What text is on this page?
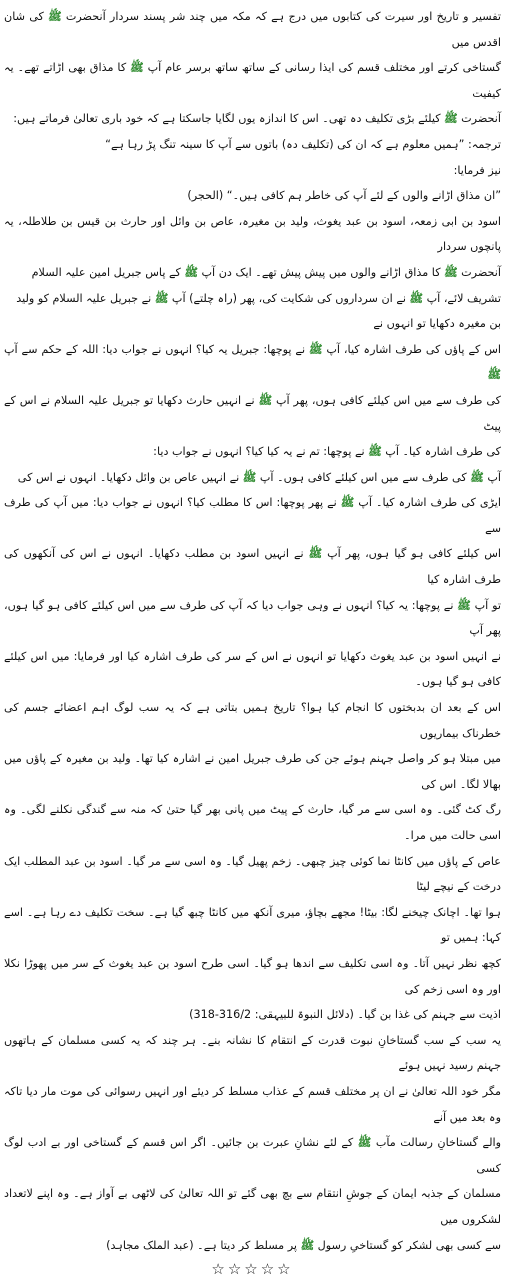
تفسیر و تاریخ اور سیرت کی کتابوں میں درج ہے کہ مکہ میں چند شر پسند سردار آنحضرت ﷺ کی شان اقدس میں
گستاخی کرتے اور مختلف قسم کی ایذا رسانی کے ساتھ ساتھ برسر عام آپ ﷺ کا مذاق بھی اڑاتے تھے۔ یہ کیفیت
آنحضرت ﷺ کیلئے بڑی تکلیف دہ تھی۔ اس کا اندازہ یوں لگایا جاسکتا ہے کہ خود باری تعالیٰ فرماتے ہیں:
ترجمہ: ”ہمیں معلوم ہے کہ ان کی (تکلیف دہ) باتوں سے آپ کا سینہ تنگ پڑ رہا ہے“
نیز فرمایا:
”ان مذاق اڑانے والوں کے لئے آپ کی خاطر ہم کافی ہیں۔“ (الحجر)
اسود بن ابی زمعہ، اسود بن عبد یغوث، ولید بن مغیرہ، عاص بن وائل اور حارث بن قیس بن طلاطلہ، یہ پانچوں سردار
آنحضرت ﷺ کا مذاق اڑانے والوں میں پیش پیش تھے۔ ایک دن آپ ﷺ کے پاس جبریل امین علیہ السلام
تشریف لائے، آپ ﷺ نے ان سرداروں کی شکایت کی، پھر (راہ چلتے) آپ ﷺ نے جبریل علیہ السلام کو ولید
بن مغیرہ دکھایا تو انہوں نے
اس کے پاؤں کی طرف اشارہ کیا، آپ ﷺ نے پوچھا: جبریل یہ کیا؟ انہوں نے جواب دیا: اللہ کے حکم سے آپ ﷺ
کی طرف سے میں اس کیلئے کافی ہوں، پھر آپ ﷺ نے انہیں حارث دکھایا تو جبریل علیہ السلام نے اس کے پیٹ
کی طرف اشارہ کیا۔ آپ ﷺ نے پوچھا: تم نے یہ کیا کیا؟ انہوں نے جواب دیا:
آپ ﷺ کی طرف سے میں اس کیلئے کافی ہوں۔ آپ ﷺ نے انہیں عاص بن وائل دکھایا۔ انہوں نے اس کی
ایڑی کی طرف اشارہ کیا۔ آپ ﷺ نے پھر پوچھا: اس کا مطلب کیا؟ انہوں نے جواب دیا: میں آپ کی طرف سے
اس کیلئے کافی ہو گیا ہوں، پھر آپ ﷺ نے انہیں اسود بن مطلب دکھایا۔ انہوں نے اس کی آنکھوں کی طرف اشارہ کیا
تو آپ ﷺ نے پوچھا: یہ کیا؟ انہوں نے وہی جواب دیا کہ آپ کی طرف سے میں اس کیلئے کافی ہو گیا ہوں، پھر آپ
نے انہیں اسود بن عبد یغوث دکھایا تو انہوں نے اس کے سر کی طرف اشارہ کیا اور فرمایا: میں اس کیلئے کافی ہو گیا ہوں۔
اس کے بعد ان بدبختوں کا انجام کیا ہوا؟ تاریخ ہمیں بتاتی ہے کہ یہ سب لوگ اہم اعضائے جسم کی خطرناک بیماریوں
میں مبتلا ہو کر واصل جہنم ہوئے جن کی طرف جبریل امین نے اشارہ کیا تھا۔ ولید بن مغیرہ کے پاؤں میں بھالا لگا۔ اس کی
رگ کٹ گئی۔ وہ اسی سے مر گیا، حارث کے پیٹ میں پانی بھر گیا حتیٰ کہ منہ سے گندگی نکلنے لگی۔ وہ اسی حالت میں مرا۔
عاص کے پاؤں میں کانٹا نما کوئی چیز چبھی۔ زخم پھیل گیا۔ وہ اسی سے مر گیا۔ اسود بن عبد المطلب ایک درخت کے نیچے لیٹا
ہوا تھا۔ اچانک چیخنے لگا: بیٹا! مجھے بچاؤ، میری آنکھ میں کانٹا چبھ گیا ہے۔ سخت تکلیف دے رہا ہے۔ اسے کہا: ہمیں تو
کچھ نظر نہیں آتا۔ وہ اسی تکلیف سے اندھا ہو گیا۔ اسی طرح اسود بن عبد یغوث کے سر میں پھوڑا نکلا اور وہ اسی زخم کی
اذیت سے جہنم کی غذا بن گیا۔ (دلائل النبوۃ للبیہقی: 316/2-318)
یہ سب کے سب گستاخانِ نبوت قدرت کے انتقام کا نشانہ بنے۔ ہر چند کہ یہ کسی مسلمان کے ہاتھوں جہنم رسید نہیں ہوئے
مگر خود اللہ تعالیٰ نے ان پر مختلف قسم کے عذاب مسلط کر دیئے اور انہیں رسوائی کی موت مار دیا تاکہ وہ بعد میں آنے
والے گستاخانِ رسالت مآب ﷺ کے لئے نشانِ عبرت بن جائیں۔ اگر اس قسم کے گستاخی اور بے ادب لوگ کسی
مسلمان کے جذبہ ایمان کے جوشِ انتقام سے بچ بھی گئے تو اللہ تعالیٰ کی لاٹھی بے آواز ہے۔ وہ اپنے لاتعداد لشکروں میں
سے کسی بھی لشکر کو گستاخیِ رسول ﷺ پر مسلط کر دیتا ہے۔ (عبد الملک مجاہد)
☆☆☆☆☆
